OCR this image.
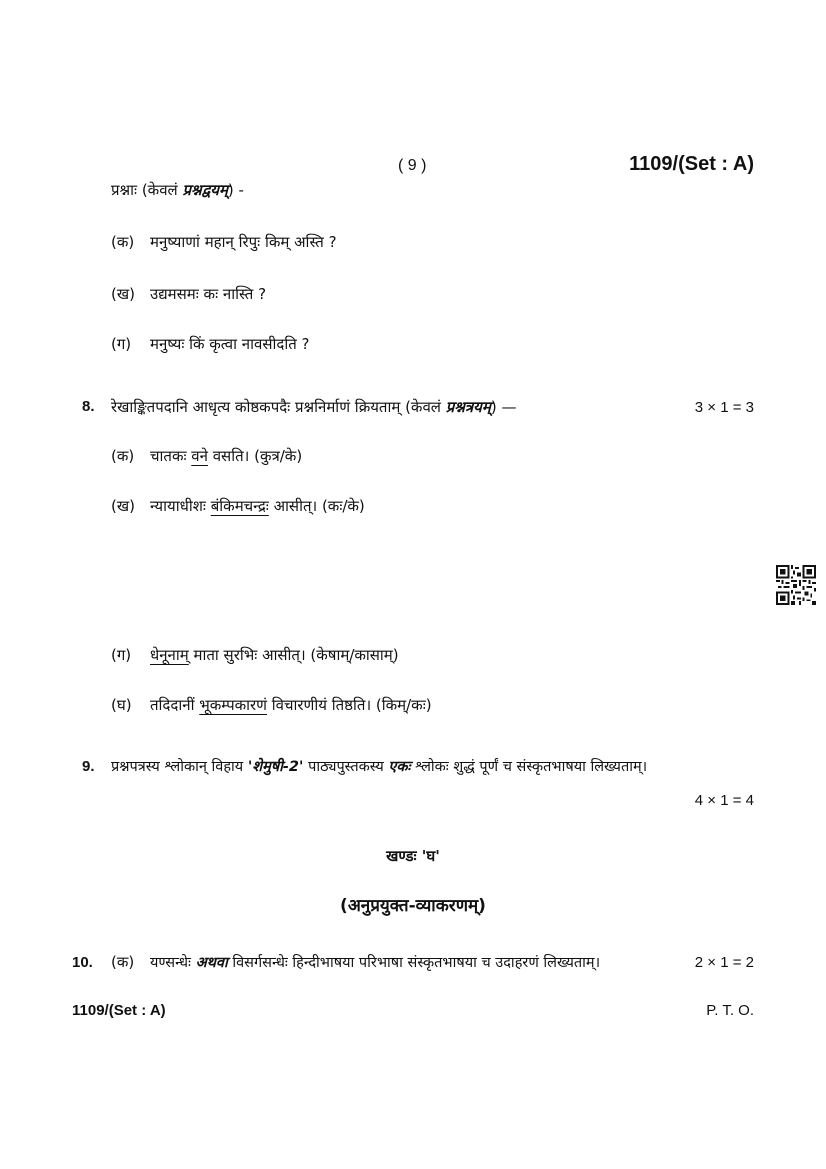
( 9 )	1109/(Set : A)
प्रश्नाः (केवलं प्रश्नद्वयम्) -
(क) मनुष्याणां महान् रिपुः किम् अस्ति ?
(ख) उद्यमसमः कः नास्ति ?
(ग) मनुष्यः किं कृत्वा नावसीदति ?
8. रेखाङ्कितपदानि आधृत्य कोष्ठकपदैः प्रश्ननिर्माणं क्रियताम् (केवलं प्रश्नत्रयम्) —	3 × 1 = 3
(क) चातकः वने वसति। (कुत्र/के)
(ख) न्यायाधीशः बंकिमचन्द्रः आसीत्। (कः/के)
(ग) धेनूनाम् माता सुरभिः आसीत्। (केषाम्/कासाम्)
(घ) तदिदानीं भूकम्पकारणं विचारणीयं तिष्ठति। (किम्/कः)
9. प्रश्नपत्रस्य श्लोकान् विहाय 'शेमुषी-2' पाठ्यपुस्तकस्य एकः श्लोकः शुद्धं पूर्णं च संस्कृतभाषया लिख्यताम्।
4 × 1 = 4
खण्डः 'घ'
(अनुप्रयुक्त-व्याकरणम्)
10. (क) यण्सन्धेः अथवा विसर्गसन्धेः हिन्दीभाषया परिभाषा संस्कृतभाषया च उदाहरणं लिख्यताम्।	2 × 1 = 2
1109/(Set : A)	P. T. O.
